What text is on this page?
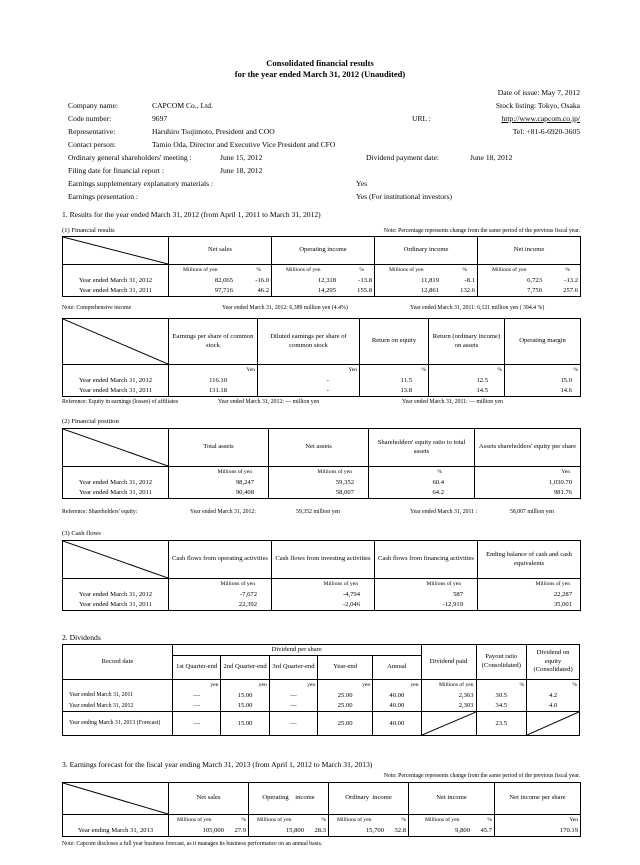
Consolidated financial results
for the year ended March 31, 2012 (Unaudited)
Date of issue: May 7, 2012
Company name:	CAPCOM Co., Ltd.	Stock listing: Tokyo, Osaka
Code number:	9697	URL :	http://www.capcom.co.jp/
Representative:	Haruhiro Tsujimoto, President and COO	Tel: +81-6-6920-3605
Contact person:	Tamio Oda, Director and Executive Vice President and CFO
Ordinary general shareholders' meeting :	June 15, 2012	Dividend payment date:	June 18, 2012
Filing date for financial report :	June 18, 2012
Earnings supplementary explanatory materials :	Yes
Earnings presentation :	Yes (For institutional investors)
1. Results for the year ended March 31, 2012 (from April 1, 2011 to March 31, 2012)
(1) Financial results	Note: Percentage represents change from the same period of the previous fiscal year.
	Net sales	Operating income	Ordinary income	Net income

	Millions of yen %	Millions of yen %	Millions of yen %	Millions of yen %

Year ended March 31, 2012	82,065 -16.0	12,318 -13.8	11,819 -8.1	6,723 -13.2

Year ended March 31, 2011	97,716 46.2	14,295 155.8	12,861 132.6	7,750 257.6
Note: Comprehensive income	Year ended March 31, 2012: 6,389 million yen (4.4%)	Year ended March 31, 2011: 6,121 million yen ( 394.4 %)
	Earnings per share of common stock	Diluted earnings per share of common stock	Return on equity	Return (ordinary income) on assets	Operating margin

	Yen	Yen	%	%	%

Year ended March 31, 2012	116.10	-	11.5	12.5	15.0
Year ended March 31, 2011	131.18	-	13.8	14.5	14.6
Reference: Equity in earnings (losses) of affiliates	Year ended March 31, 2012: — million yen	Year ended March 31, 2011: — million yen
(2) Financial position
	Total assets	Net assets	Shareholders' equity ratio to total assets	Assets shareholders' equity per share

	Millions of yen	Millions of yen	%	Yen

Year ended March 31, 2012	98,247	59,352	60.4	1,030.70
Year ended March 31, 2011	90,408	58,007	64.2	981.76
Reference: Shareholders' equity:	Year ended March 31, 2012:	59,352 million yen	Year ended March 31, 2011 :	58,007 million yen
(3) Cash flows
	Cash flows from operating activities	Cash flows from investing activities	Cash flows from financing activities	Ending balance of cash and cash equivalents

	Millions of yen	Millions of yen	Millions of yen	Millions of yen

Year ended March 31, 2012	-7,672	-4,794	587	22,287
Year ended March 31, 2011	22,392	-2,046	-12,919	35,001
2. Dividends
Record date	Dividend per share					Dividend paid	Payout ratio (Consolidated)	Dividend on equity (Consolidated)
	1st Quarter-end	2nd Quarter-end	3rd Quarter-end	Year-end	Annual			

	yen	yen	yen	yen	yen	Millions of yen	%	%

Year ended March 31, 2011	—	15.00	—	25.00	40.00	2,363	30.5	4.2
Year ended March 31, 2012	—	15.00	—	25.00	40.00	2,303	34.5	4.0
Year ending March 31, 2013 (Forecast)	—	15.00	—	25.00	40.00		23.5	
3. Earnings forecast for the fiscal year ending March 31, 2013 (from April 1, 2012 to March 31, 2013)
Note: Percentage represents change from the same period of the previous fiscal year.
	Net sales	Operating    income	Ordinary  income	Net income	Net income per share

	Millions of yen %	Millions of yen %	Millions of yen %	Millions of yen %	Yen

Year ending March 31, 2013	105,000 27.9	15,800 28.3	15,700 32.8	9,800 45.7	170.19
Note: Capcom discloses a full year business forecast, as it manages its business performance on an annual basis.
